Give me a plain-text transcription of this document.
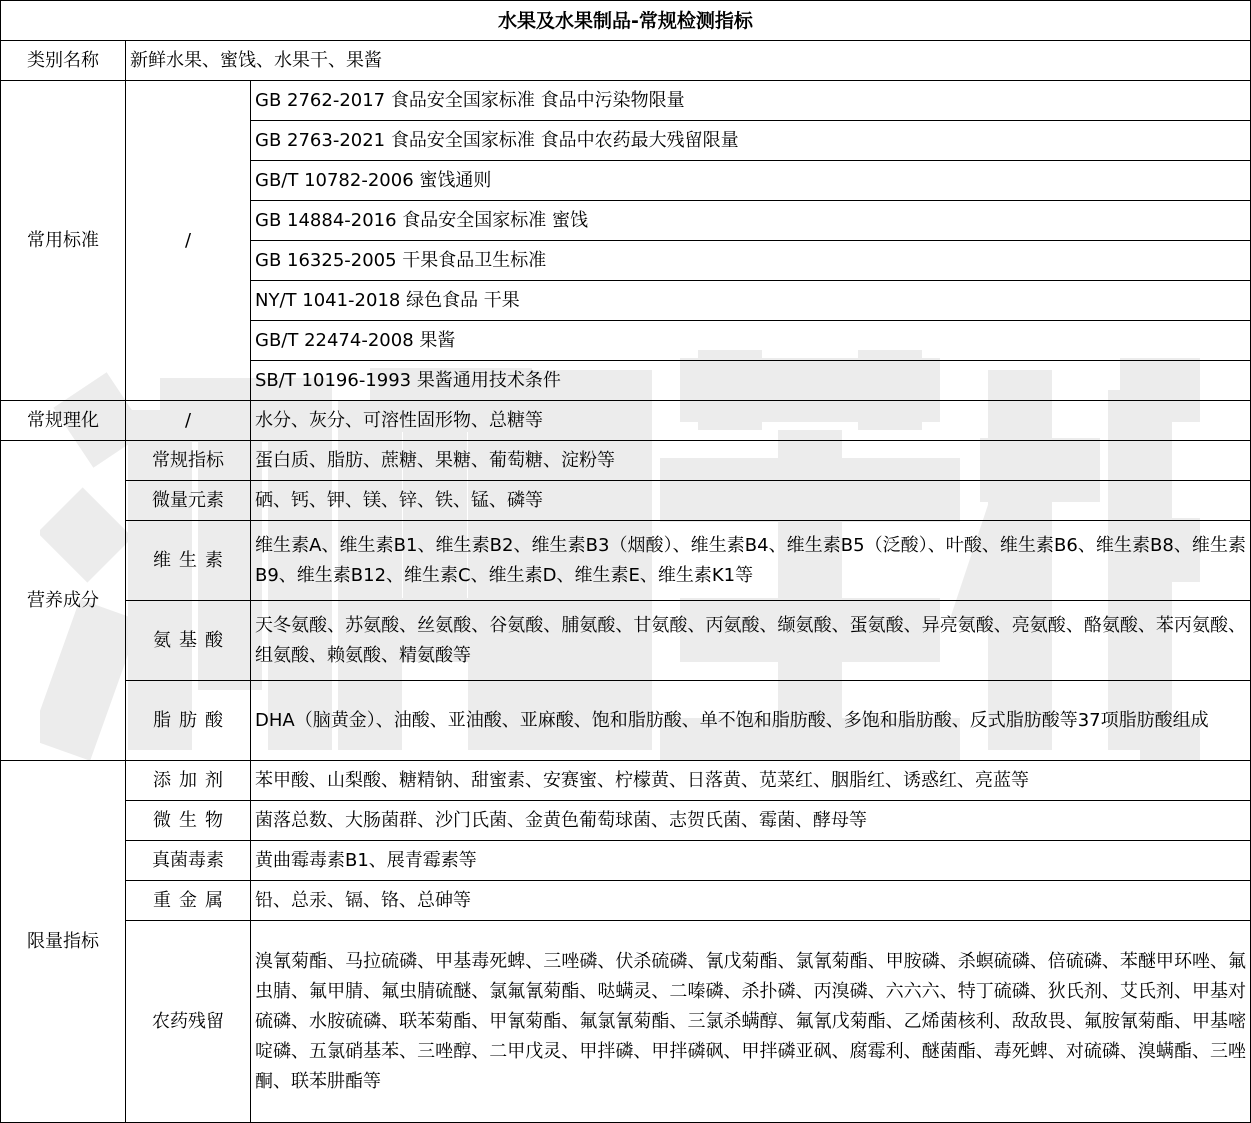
水果及水果制品-常规检测指标		
类别名称	新鲜水果、蜜饯、水果干、果酱	
常用标准	/	GB 2762-2017 食品安全国家标准 食品中污染物限量
		GB 2763-2021 食品安全国家标准 食品中农药最大残留限量
		GB/T 10782-2006 蜜饯通则
		GB 14884-2016 食品安全国家标准 蜜饯
		GB 16325-2005 干果食品卫生标准
		NY/T 1041-2018 绿色食品 干果
		GB/T 22474-2008 果酱
		SB/T 10196-1993 果酱通用技术条件
常规理化	/	水分、灰分、可溶性固形物、总糖等
营养成分	常规指标	蛋白质、脂肪、蔗糖、果糖、葡萄糖、淀粉等
	微量元素	硒、钙、钾、镁、锌、铁、锰、磷等
	维生素	维生素A、维生素B1、维生素B2、维生素B3（烟酸）、维生素B4、维生素B5（泛酸）、叶酸、维生素B6、维生素B8、维生素B9、维生素B12、维生素C、维生素D、维生素E、维生素K1等
	氨基酸	天冬氨酸、苏氨酸、丝氨酸、谷氨酸、脯氨酸、甘氨酸、丙氨酸、缬氨酸、蛋氨酸、异亮氨酸、亮氨酸、酪氨酸、苯丙氨酸、组氨酸、赖氨酸、精氨酸等
	脂肪酸	DHA（脑黄金）、油酸、亚油酸、亚麻酸、饱和脂肪酸、单不饱和脂肪酸、多饱和脂肪酸、反式脂肪酸等37项脂肪酸组成
限量指标	添加剂	苯甲酸、山梨酸、糖精钠、甜蜜素、安赛蜜、柠檬黄、日落黄、苋菜红、胭脂红、诱惑红、亮蓝等
	微生物	菌落总数、大肠菌群、沙门氏菌、金黄色葡萄球菌、志贺氏菌、霉菌、酵母等
	真菌毒素	黄曲霉毒素B1、展青霉素等
	重金属	铅、总汞、镉、铬、总砷等
	农药残留	溴氰菊酯、马拉硫磷、甲基毒死蜱、三唑磷、伏杀硫磷、氰戊菊酯、氯氰菊酯、甲胺磷、杀螟硫磷、倍硫磷、苯醚甲环唑、氟虫腈、氟甲腈、氟虫腈硫醚、氯氟氰菊酯、哒螨灵、二嗪磷、杀扑磷、丙溴磷、六六六、特丁硫磷、狄氏剂、艾氏剂、甲基对硫磷、水胺硫磷、联苯菊酯、甲氰菊酯、氟氯氰菊酯、三氯杀螨醇、氟氰戊菊酯、乙烯菌核利、敌敌畏、氟胺氰菊酯、甲基嘧啶磷、五氯硝基苯、三唑醇、二甲戊灵、甲拌磷、甲拌磷砜、甲拌磷亚砜、腐霉利、醚菌酯、毒死蜱、对硫磷、溴螨酯、三唑酮、联苯肼酯等
